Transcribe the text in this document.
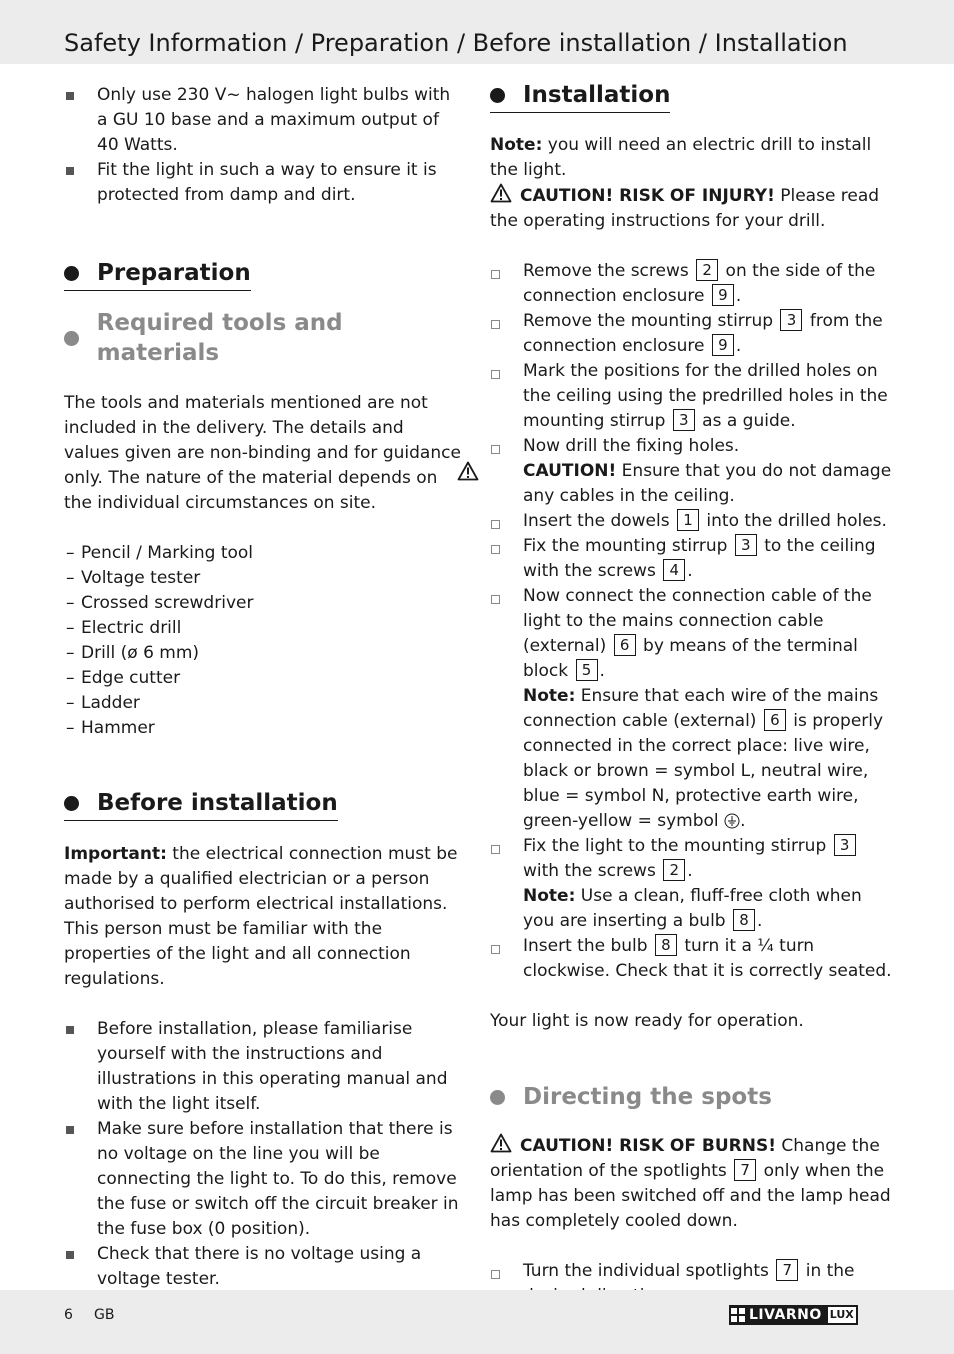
Safety Information / Preparation / Before installation / Installation
Only use 230 V~ halogen light bulbs with a GU 10 base and a maximum output of 40 Watts.
Fit the light in such a way to ensure it is protected from damp and dirt.
Preparation
Required tools and materials

The tools and materials mentioned are not included in the delivery. The details and values given are non-binding and for guidance only. The nature of the material depends on the individual circumstances on site.

– Pencil / Marking tool
– Voltage tester
– Crossed screwdriver
– Electric drill
– Drill (ø 6 mm)
– Edge cutter
– Ladder
– Hammer
Before installation

Important: the electrical connection must be made by a qualified electrician or a person authorised to perform electrical installations. This person must be familiar with the properties of the light and all connection regulations.

Before installation, please familiarise yourself with the instructions and illustrations in this operating manual and with the light itself.
Make sure before installation that there is no voltage on the line you will be connecting the light to. To do this, remove the fuse or switch off the circuit breaker in the fuse box (0 position).
Check that there is no voltage using a voltage tester.
Installation

Note: you will need an electric drill to install the light.

CAUTION! RISK OF INJURY! Please read the operating instructions for your drill.

Remove the screws 2 on the side of the connection enclosure 9 .
Remove the mounting stirrup 3 from the connection enclosure 9 .
Mark the positions for the drilled holes on the ceiling using the predrilled holes in the mounting stirrup 3 as a guide.
Now drill the fixing holes.
CAUTION! Ensure that you do not damage any cables in the ceiling.
Insert the dowels 1 into the drilled holes.
Fix the mounting stirrup 3 to the ceiling with the screws 4 .
Now connect the connection cable of the light to the mains connection cable (external) 6 by means of the terminal block 5 .
Note: Ensure that each wire of the mains connection cable (external) 6 is properly connected in the correct place: live wire, black or brown = symbol L, neutral wire, blue = symbol N, protective earth wire, green-yellow = symbol .
Fix the light to the mounting stirrup 3 with the screws 2 .
Note: Use a clean, fluff-free cloth when you are inserting a bulb 8 .
Insert the bulb 8 turn it a ¼ turn clockwise. Check that it is correctly seated.

Your light is now ready for operation.

Directing the spots

CAUTION! RISK OF BURNS! Change the orientation of the spotlights 7 only when the lamp has been switched off and the lamp head has completely cooled down.

Turn the individual spotlights 7 in the
6 GB	LIVARNO LUX
